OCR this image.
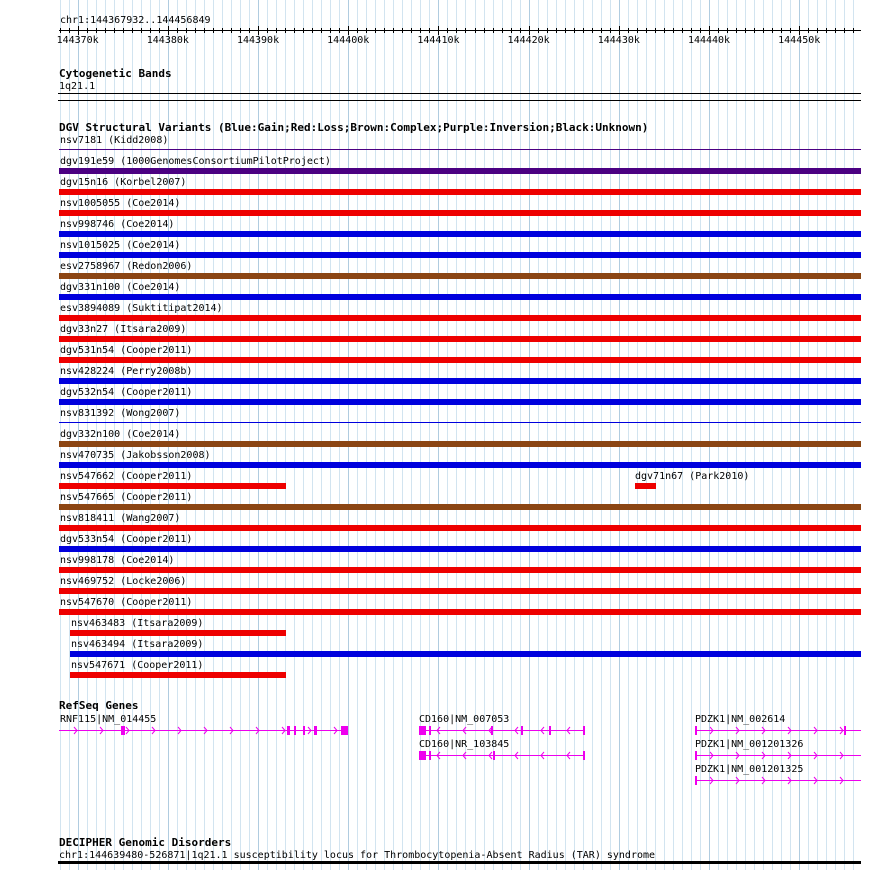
chr1:144367932..144456849
144370k	144380k	144390k	144400k	144410k	144420k	144430k	144440k	144450k
Cytogenetic Bands
1q21.1
DGV Structural Variants (Blue:Gain;Red:Loss;Brown:Complex;Purple:Inversion;Black:Unknown)
nsv7181 (Kidd2008)
dgv191e59 (1000GenomesConsortiumPilotProject)
dgv15n16 (Korbel2007)
nsv1005055 (Coe2014)
nsv998746 (Coe2014)
nsv1015025 (Coe2014)
esv2758967 (Redon2006)
dgv331n100 (Coe2014)
esv3894089 (Suktitipat2014)
dgv33n27 (Itsara2009)
dgv531n54 (Cooper2011)
nsv428224 (Perry2008b)
dgv532n54 (Cooper2011)
nsv831392 (Wong2007)
dgv332n100 (Coe2014)
nsv470735 (Jakobsson2008)
nsv547662 (Cooper2011)	dgv71n67 (Park2010)
nsv547665 (Cooper2011)
nsv818411 (Wang2007)
dgv533n54 (Cooper2011)
nsv998178 (Coe2014)
nsv469752 (Locke2006)
nsv547670 (Cooper2011)
nsv463483 (Itsara2009)
nsv463494 (Itsara2009)
nsv547671 (Cooper2011)
RefSeq Genes
RNF115|NM_014455	CD160|NM_007053
CD160|NR_103845
PDZK1|NM_002614
PDZK1|NM_001201326
PDZK1|NM_001201325
DECIPHER Genomic Disorders
chr1:144639480-526871|1q21.1 susceptibility locus for Thrombocytopenia-Absent Radius (TAR) syndrome
